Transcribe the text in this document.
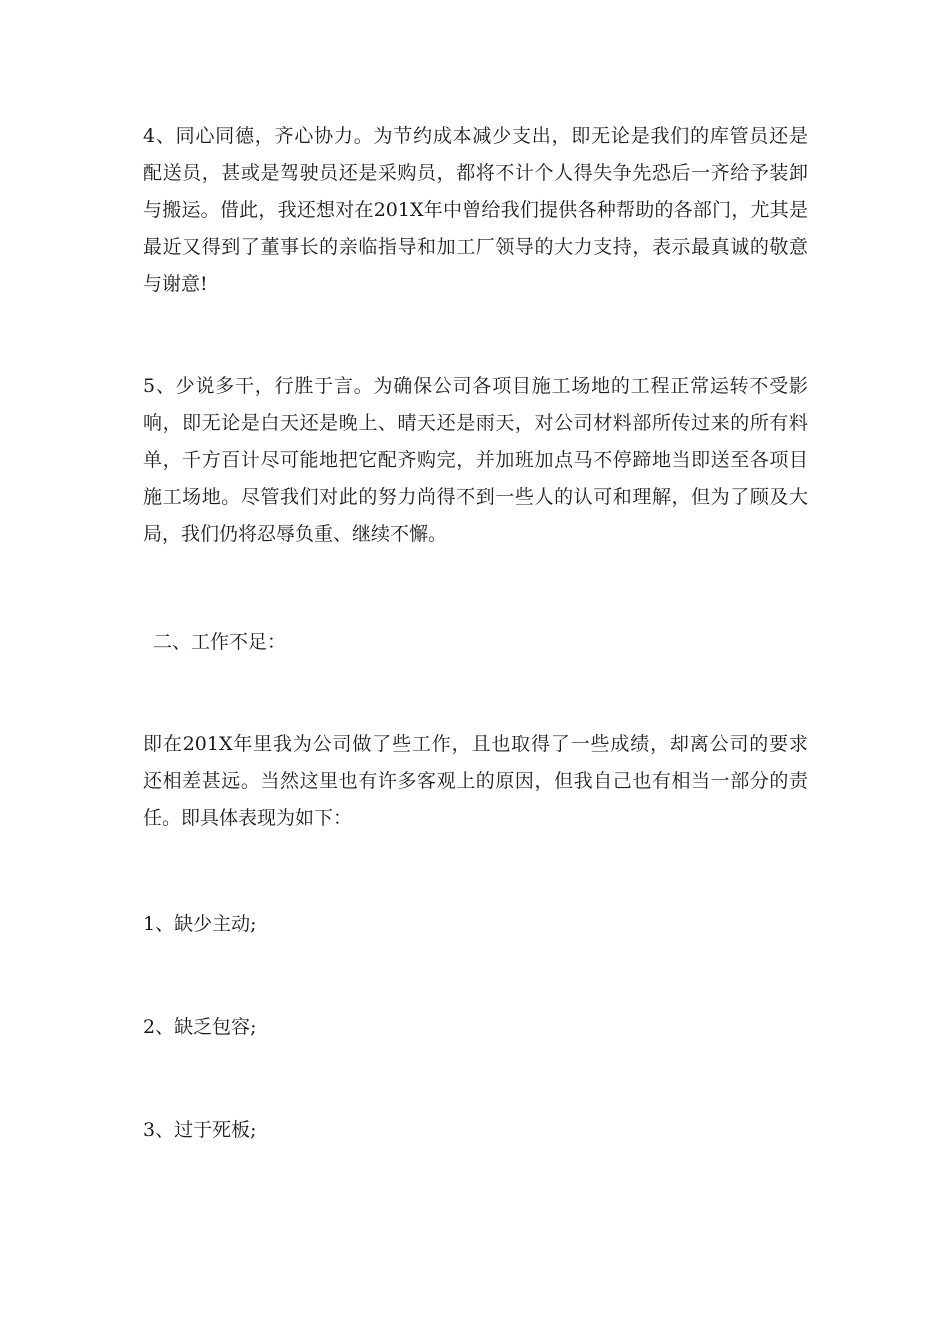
4、同心同德，齐心协力。为节约成本减少支出，即无论是我们的库管员还是
配送员，甚或是驾驶员还是采购员，都将不计个人得失争先恐后一齐给予装卸
与搬运。借此，我还想对在201X年中曾给我们提供各种帮助的各部门，尤其是
最近又得到了董事长的亲临指导和加工厂领导的大力支持，表示最真诚的敬意
与谢意!
5、少说多干，行胜于言。为确保公司各项目施工场地的工程正常运转不受影
响，即无论是白天还是晚上、晴天还是雨天，对公司材料部所传过来的所有料
单，千方百计尽可能地把它配齐购完，并加班加点马不停蹄地当即送至各项目
施工场地。尽管我们对此的努力尚得不到一些人的认可和理解，但为了顾及大
局，我们仍将忍辱负重、继续不懈。
二、工作不足：
即在201X年里我为公司做了些工作，且也取得了一些成绩，却离公司的要求
还相差甚远。当然这里也有许多客观上的原因，但我自己也有相当一部分的责
任。即具体表现为如下：
1、缺少主动;
2、缺乏包容;
3、过于死板;
